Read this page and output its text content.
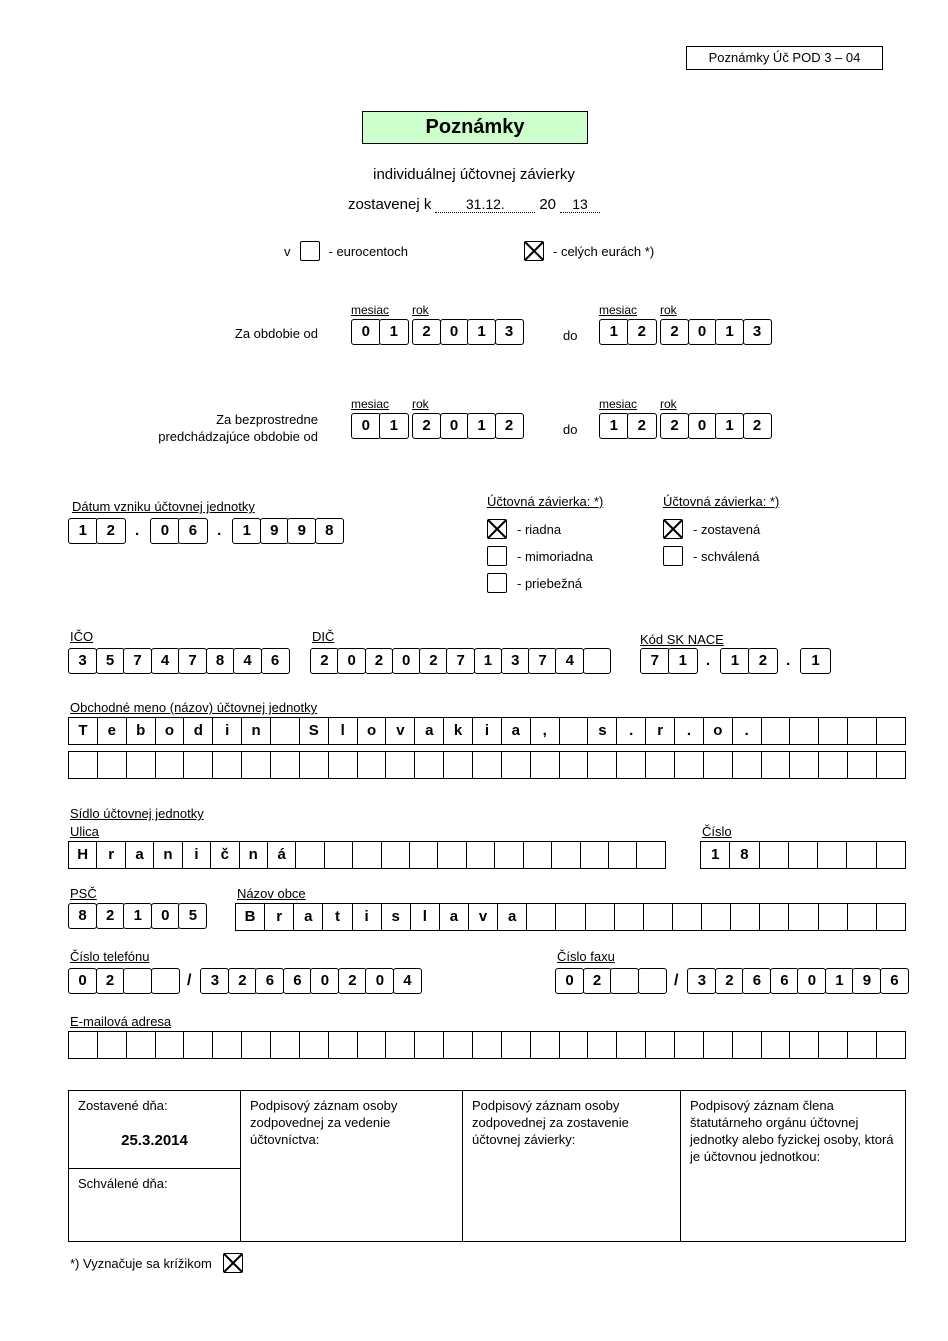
Poznámky Úč POD 3 – 04
Poznámky
individuálnej účtovnej závierky
zostavenej k	31.12.	20	13
v	- eurocentoch	- celých eurách *)
Za obdobie od
mesiac
0	1
rok
2	0	1	3	do
mesiac
1	2
rok
2	0	1	3
Za bezprostredne
predchádzajúce obdobie od
mesiac
0	1
rok
2	0	1	2	do
mesiac
1	2
rok
2	0	1	2
Dátum vzniku účtovnej jednotky
1	2	.	0	6	.	1	9	9	8
Účtovná závierka: *)
- riadna
- mimoriadna
- priebežná
Účtovná závierka: *)
- zostavená
- schválená
IČO
3	5	7	4	7	8	4	6
DIČ
2	0	2	0	2	7	1	3	7	4
Kód SK NACE
7	1	.	1	2	.	1
Obchodné meno (názov) účtovnej jednotky
T	e	b	o	d	i	n	S	l	o	v	a	k	i	a	,	s	.	r	.	o	.
Sídlo účtovnej jednotky
Ulica
H	r	a	n	i	č	n	á
Číslo
1	8
PSČ
8	2	1	0	5
Názov obce
B	r	a	t	i	s	l	a	v	a
Číslo telefónu
0	2	/	3	2	6	6	0	2	0	4
Číslo faxu
0	2	/	3	2	6	6	0	1	9	6
E-mailová adresa
Zostavené dňa:
25.3.2014
Schválené dňa:
Podpisový záznam osoby zodpovednej za vedenie účtovníctva:
Podpisový záznam osoby zodpovednej za zostavenie účtovnej závierky:
Podpisový záznam člena štatutárneho orgánu účtovnej jednotky alebo fyzickej osoby, ktorá je účtovnou jednotkou:
*) Vyznačuje sa krížikom
